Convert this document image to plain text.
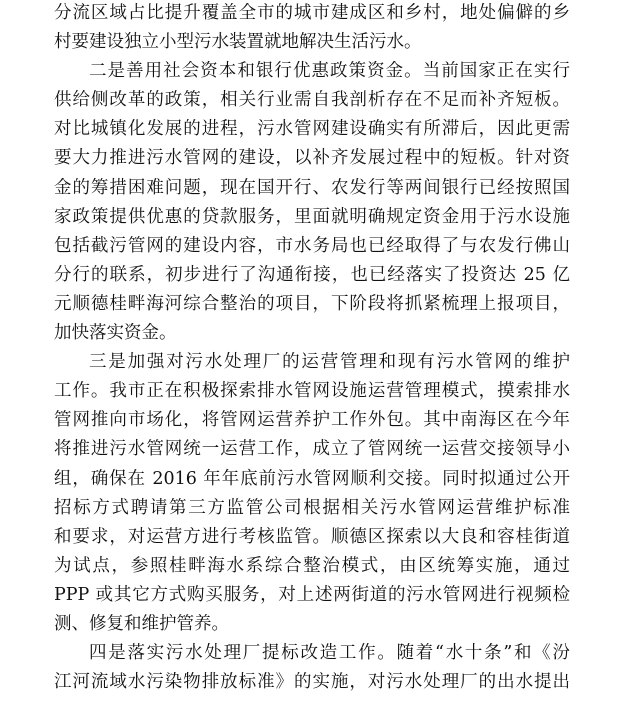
分流区域占比提升覆盖全市的城市建成区和乡村，地处偏僻的乡
村要建设独立小型污水装置就地解决生活污水。
二是善用社会资本和银行优惠政策资金。当前国家正在实行
供给侧改革的政策，相关行业需自我剖析存在不足而补齐短板。
对比城镇化发展的进程，污水管网建设确实有所滞后，因此更需
要大力推进污水管网的建设，以补齐发展过程中的短板。针对资
金的筹措困难问题，现在国开行、农发行等两间银行已经按照国
家政策提供优惠的贷款服务，里面就明确规定资金用于污水设施
包括截污管网的建设内容，市水务局也已经取得了与农发行佛山
分行的联系，初步进行了沟通衔接，也已经落实了投资达 25 亿
元顺德桂畔海河综合整治的项目，下阶段将抓紧梳理上报项目，
加快落实资金。
三是加强对污水处理厂的运营管理和现有污水管网的维护
工作。我市正在积极探索排水管网设施运营管理模式，摸索排水
管网推向市场化，将管网运营养护工作外包。其中南海区在今年
将推进污水管网统一运营工作，成立了管网统一运营交接领导小
组，确保在 2016 年年底前污水管网顺利交接。同时拟通过公开
招标方式聘请第三方监管公司根据相关污水管网运营维护标准
和要求，对运营方进行考核监管。顺德区探索以大良和容桂街道
为试点，参照桂畔海水系综合整治模式，由区统筹实施，通过
PPP 或其它方式购买服务，对上述两街道的污水管网进行视频检
测、修复和维护管养。
四是落实污水处理厂提标改造工作。随着“水十条”和《汾
江河流域水污染物排放标准》的实施，对污水处理厂的出水提出
